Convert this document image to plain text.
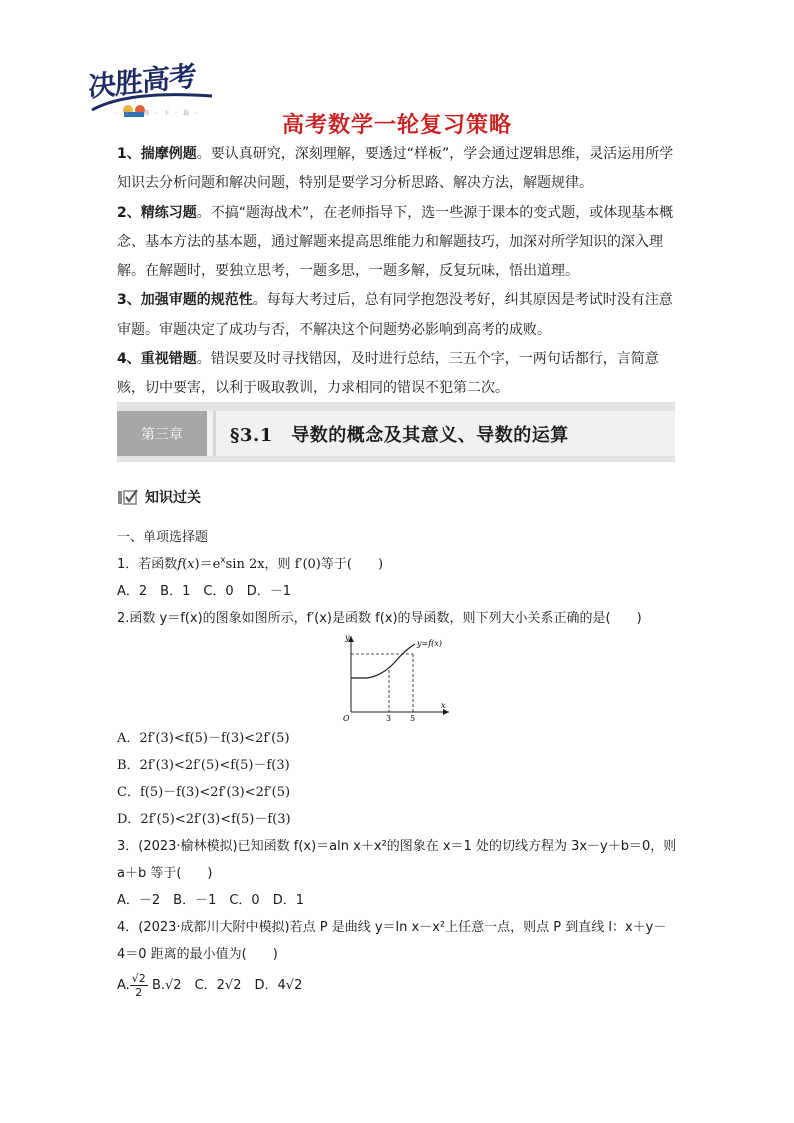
决胜高考
· 无 · 需 · 下 · 载 ·	高考数学一轮复习策略

1、揣摩例题。要认真研究，深刻理解，要透过“样板”，学会通过逻辑思维，灵活运用所学知识去分析问题和解决问题，特别是要学习分析思路、解决方法，解题规律。

2、精练习题。不搞“题海战术”，在老师指导下，选一些源于课本的变式题，或体现基本概念、基本方法的基本题，通过解题来提高思维能力和解题技巧，加深对所学知识的深入理解。在解题时，要独立思考，一题多思，一题多解，反复玩味，悟出道理。

3、加强审题的规范性。每每大考过后，总有同学抱怨没考好，纠其原因是考试时没有注意审题。审题决定了成功与否，不解决这个问题势必影响到高考的成败。

4、重视错题。错误要及时寻找错因，及时进行总结，三五个字，一两句话都行，言简意赅，切中要害，以利于吸取教训，力求相同的错误不犯第二次。

第三章	§3.1　导数的概念及其意义、导数的运算
知识过关
一、单项选择题
1．若函数$f(x)=e^x\sin$ 2x，则 f′(0)等于(　　)
A．2　B．1　C．0　D．－1
2.函数 y＝f(x)的图象如图所示，f′(x)是函数 f(x)的导函数，则下列大小关系正确的是(　　)
y=f(x)
y
x
O	3 5
A．2f′(3)<f(5)－f(3)<2f′(5)
B．2f′(3)<2f′(5)<f(5)－f(3)
C．f(5)－f(3)<2f′(3)<2f′(5)
D．2f′(5)<2f′(3)<f(5)－f(3)
3．(2023·榆林模拟)已知函数 f(x)＝aln x＋x²的图象在 x＝1 处的切线方程为 3x－y＋b＝0，则
a＋b 等于(　　)
A．－2　B．－1　C．0　D．1
4．(2023·成都川大附中模拟)若点 P 是曲线 y＝ln x－x²上任意一点，则点 P 到直线 l：x＋y－
4＝0 距离的最小值为(　　)
A. $\frac{√2}{2} B.√2$　 C．2√2　 D．4√2
